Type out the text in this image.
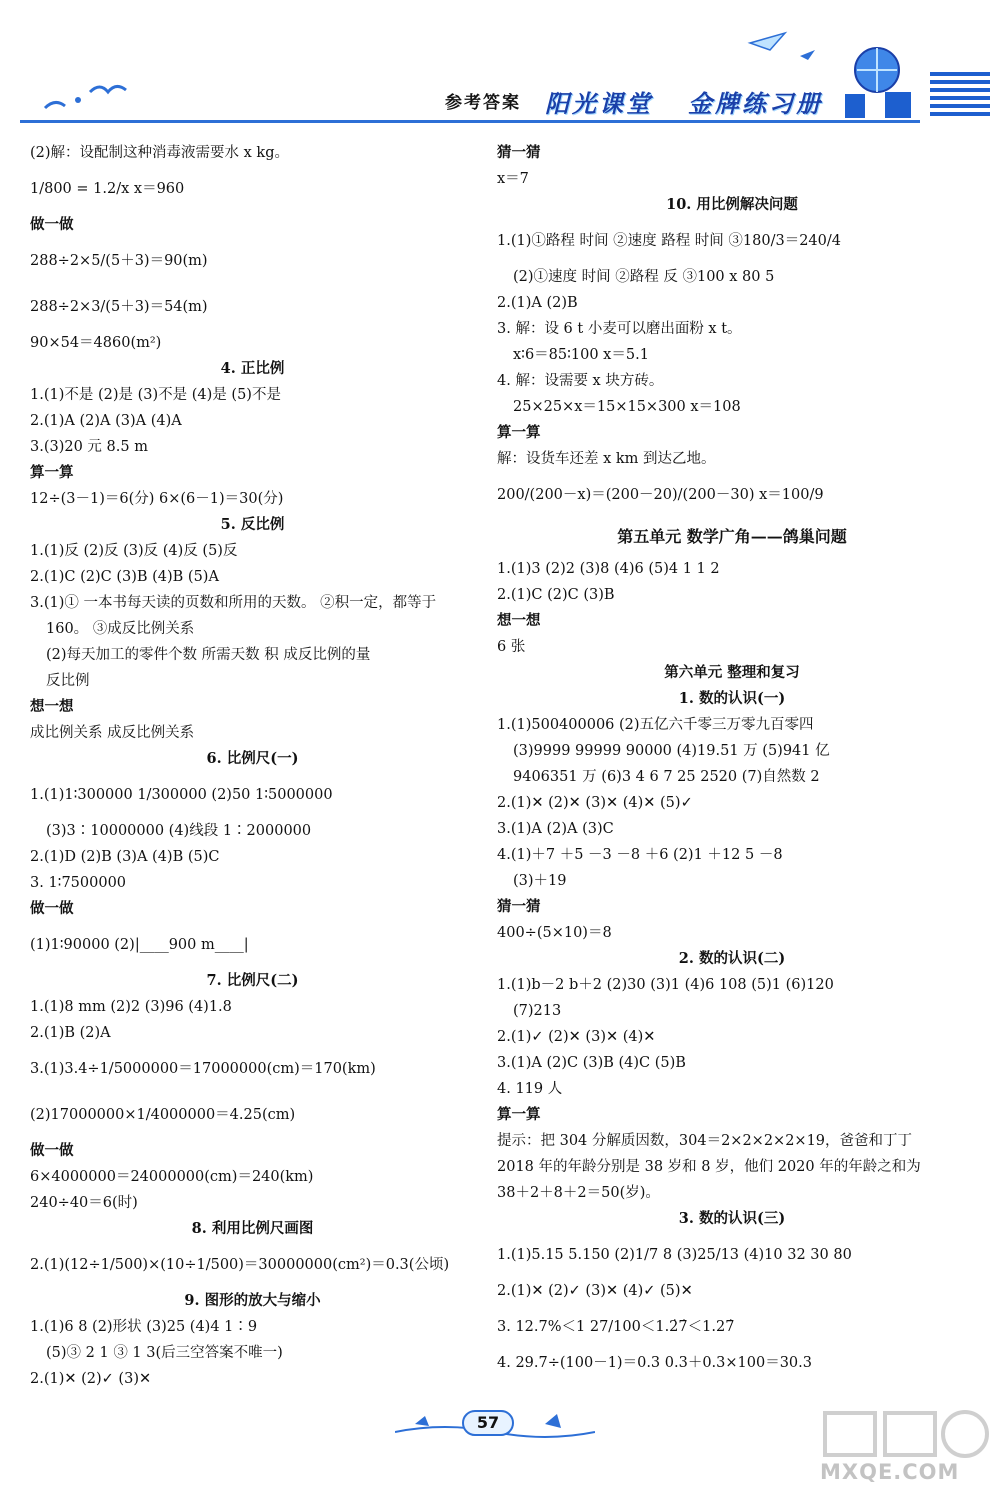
参考答案 阳光课堂 金牌练习册
(2)解：设配制这种消毒液需要水 x kg。
1/800 = 1.2/x x＝960
做一做
288÷2×5/(5＋3)＝90(m)
288÷2×3/(5＋3)＝54(m)
90×54＝4860(m²)
4. 正比例
1.(1)不是 (2)是 (3)不是 (4)是 (5)不是
2.(1)A (2)A (3)A (4)A
3.(3)20 元 8.5 m
算一算
12÷(3－1)＝6(分) 6×(6－1)＝30(分)
5. 反比例
1.(1)反 (2)反 (3)反 (4)反 (5)反
2.(1)C (2)C (3)B (4)B (5)A
3.(1)① 一本书每天读的页数和所用的天数。 ②积一定，都等于
160。 ③成反比例关系
(2)每天加工的零件个数 所需天数 积 成反比例的量
反比例
想一想
成比例关系 成反比例关系
6. 比例尺(一)
1.(1)1∶300000 1/300000 (2)50 1∶5000000
(3)3∶10000000 (4)线段 1∶2000000
2.(1)D (2)B (3)A (4)B (5)C
3. 1∶7500000
做一做
(1)1∶90000 (2)|____900 m____|
7. 比例尺(二)
1.(1)8 mm (2)2 (3)96 (4)1.8
2.(1)B (2)A
3.(1)3.4÷1/5000000＝17000000(cm)＝170(km)
(2)17000000×1/4000000＝4.25(cm)
做一做
6×4000000＝24000000(cm)＝240(km)
240÷40＝6(时)
8. 利用比例尺画图
2.(1)(12÷1/500)×(10÷1/500)＝30000000(cm²)＝0.3(公顷)
9. 图形的放大与缩小
1.(1)6 8 (2)形状 (3)25 (4)4 1∶9
(5)③ 2 1 ③ 1 3(后三空答案不唯一)
2.(1)✕ (2)✓ (3)✕
猜一猜
x＝7
10. 用比例解决问题
1.(1)①路程 时间 ②速度 路程 时间 ③180/3＝240/4
(2)①速度 时间 ②路程 反 ③100 x 80 5
2.(1)A (2)B
3. 解：设 6 t 小麦可以磨出面粉 x t。
x∶6＝85∶100 x＝5.1
4. 解：设需要 x 块方砖。
25×25×x＝15×15×300 x＝108
算一算
解：设货车还差 x km 到达乙地。
200/(200－x)＝(200－20)/(200－30) x＝100/9
第五单元 数学广角——鸽巢问题
1.(1)3 (2)2 (3)8 (4)6 (5)4 1 1 2
2.(1)C (2)C (3)B
想一想
6 张
第六单元 整理和复习
1. 数的认识(一)
1.(1)500400006 (2)五亿六千零三万零九百零四
(3)9999 99999 90000 (4)19.51 万 (5)941 亿
9406351 万 (6)3 4 6 7 25 2520 (7)自然数 2
2.(1)✕ (2)✕ (3)✕ (4)✕ (5)✓
3.(1)A (2)A (3)C
4.(1)＋7 ＋5 －3 －8 ＋6 (2)1 ＋12 5 －8
(3)＋19
猜一猜
400÷(5×10)＝8
2. 数的认识(二)
1.(1)b－2 b＋2 (2)30 (3)1 (4)6 108 (5)1 (6)120
(7)213
2.(1)✓ (2)✕ (3)✕ (4)✕
3.(1)A (2)C (3)B (4)C (5)B
4. 119 人
算一算
提示：把 304 分解质因数，304＝2×2×2×2×19，爸爸和丁丁
2018 年的年龄分别是 38 岁和 8 岁，他们 2020 年的年龄之和为
38＋2＋8＋2＝50(岁)。
3. 数的认识(三)
1.(1)5.15 5.150 (2)1/7 8 (3)25/13 (4)10 32 30 80
2.(1)✕ (2)✓ (3)✕ (4)✓ (5)✕
3. 12.7%＜1 27/100＜1.2̇7̇＜1.27̇
4. 29.7÷(100－1)＝0.3 0.3＋0.3×100＝30.3
57
MXQE.COM
